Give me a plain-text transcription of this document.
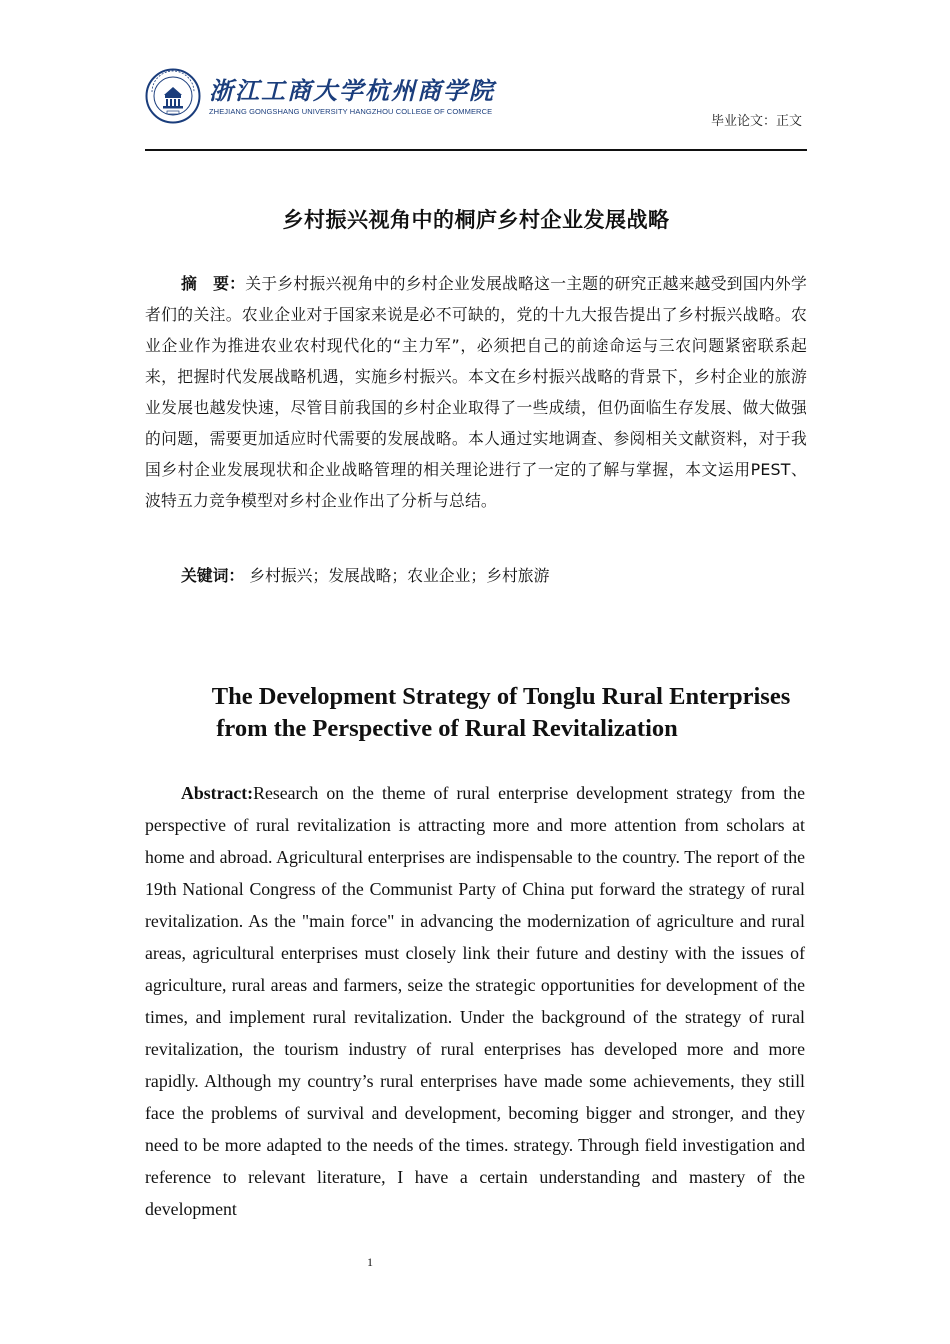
浙江工商大学杭州商学院
ZHEJIANG GONGSHANG UNIVERSITY HANGZHOU COLLEGE OF COMMERCE
毕业论文：正文
乡村振兴视角中的桐庐乡村企业发展战略
摘　要：关于乡村振兴视角中的乡村企业发展战略这一主题的研究正越来越受到国内外学者们的关注。农业企业对于国家来说是必不可缺的，党的十九大报告提出了乡村振兴战略。农业企业作为推进农业农村现代化的“主力军”，必须把自己的前途命运与三农问题紧密联系起来，把握时代发展战略机遇，实施乡村振兴。本文在乡村振兴战略的背景下，乡村企业的旅游业发展也越发快速，尽管目前我国的乡村企业取得了一些成绩，但仍面临生存发展、做大做强的问题，需要更加适应时代需要的发展战略。本人通过实地调查、参阅相关文献资料，对于我国乡村企业发展现状和企业战略管理的相关理论进行了一定的了解与掌握，本文运用PEST、波特五力竞争模型对乡村企业作出了分析与总结。
关键词： 乡村振兴；发展战略；农业企业；乡村旅游
The Development Strategy of Tonglu Rural Enterprises
from the Perspective of Rural Revitalization
Abstract:Research on the theme of rural enterprise development strategy from the perspective of rural revitalization is attracting more and more attention from scholars at home and abroad. Agricultural enterprises are indispensable to the country. The report of the 19th National Congress of the Communist Party of China put forward the strategy of rural revitalization. As the "main force" in advancing the modernization of agriculture and rural areas, agricultural enterprises must closely link their future and destiny with the issues of agriculture, rural areas and farmers, seize the strategic opportunities for development of the times, and implement rural revitalization. Under the background of the strategy of rural revitalization, the tourism industry of rural enterprises has developed more and more rapidly. Although my country’s rural enterprises have made some achievements, they still face the problems of survival and development, becoming bigger and stronger, and they need to be more adapted to the needs of the times. strategy. Through field investigation and reference to relevant literature, I have a certain understanding and mastery of the development
1
